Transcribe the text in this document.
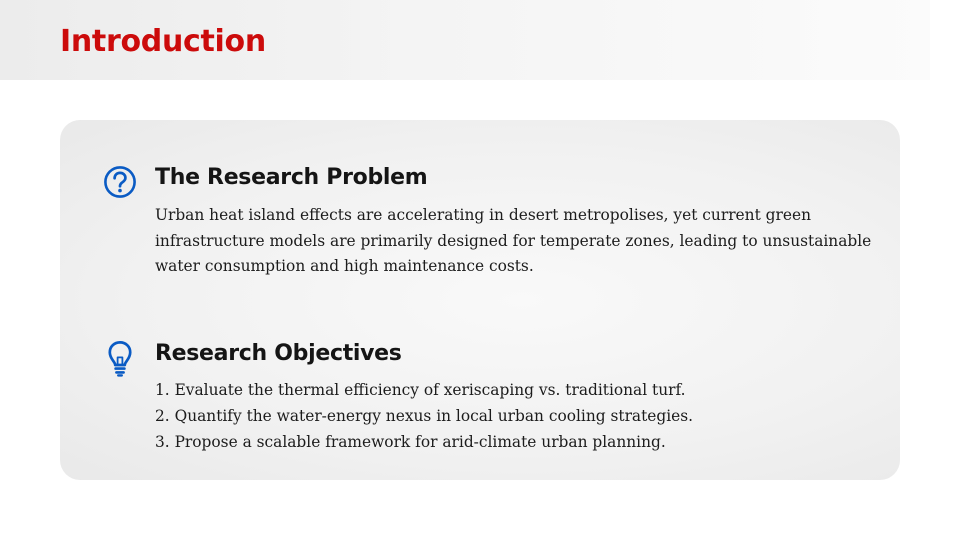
Introduction
The Research Problem

Urban heat island effects are accelerating in desert metropolises, yet current green infrastructure models are primarily designed for temperate zones, leading to unsustainable water consumption and high maintenance costs.

Research Objectives
1. Evaluate the thermal efficiency of xeriscaping vs. traditional turf.
2. Quantify the water-energy nexus in local urban cooling strategies.
3. Propose a scalable framework for arid-climate urban planning.
